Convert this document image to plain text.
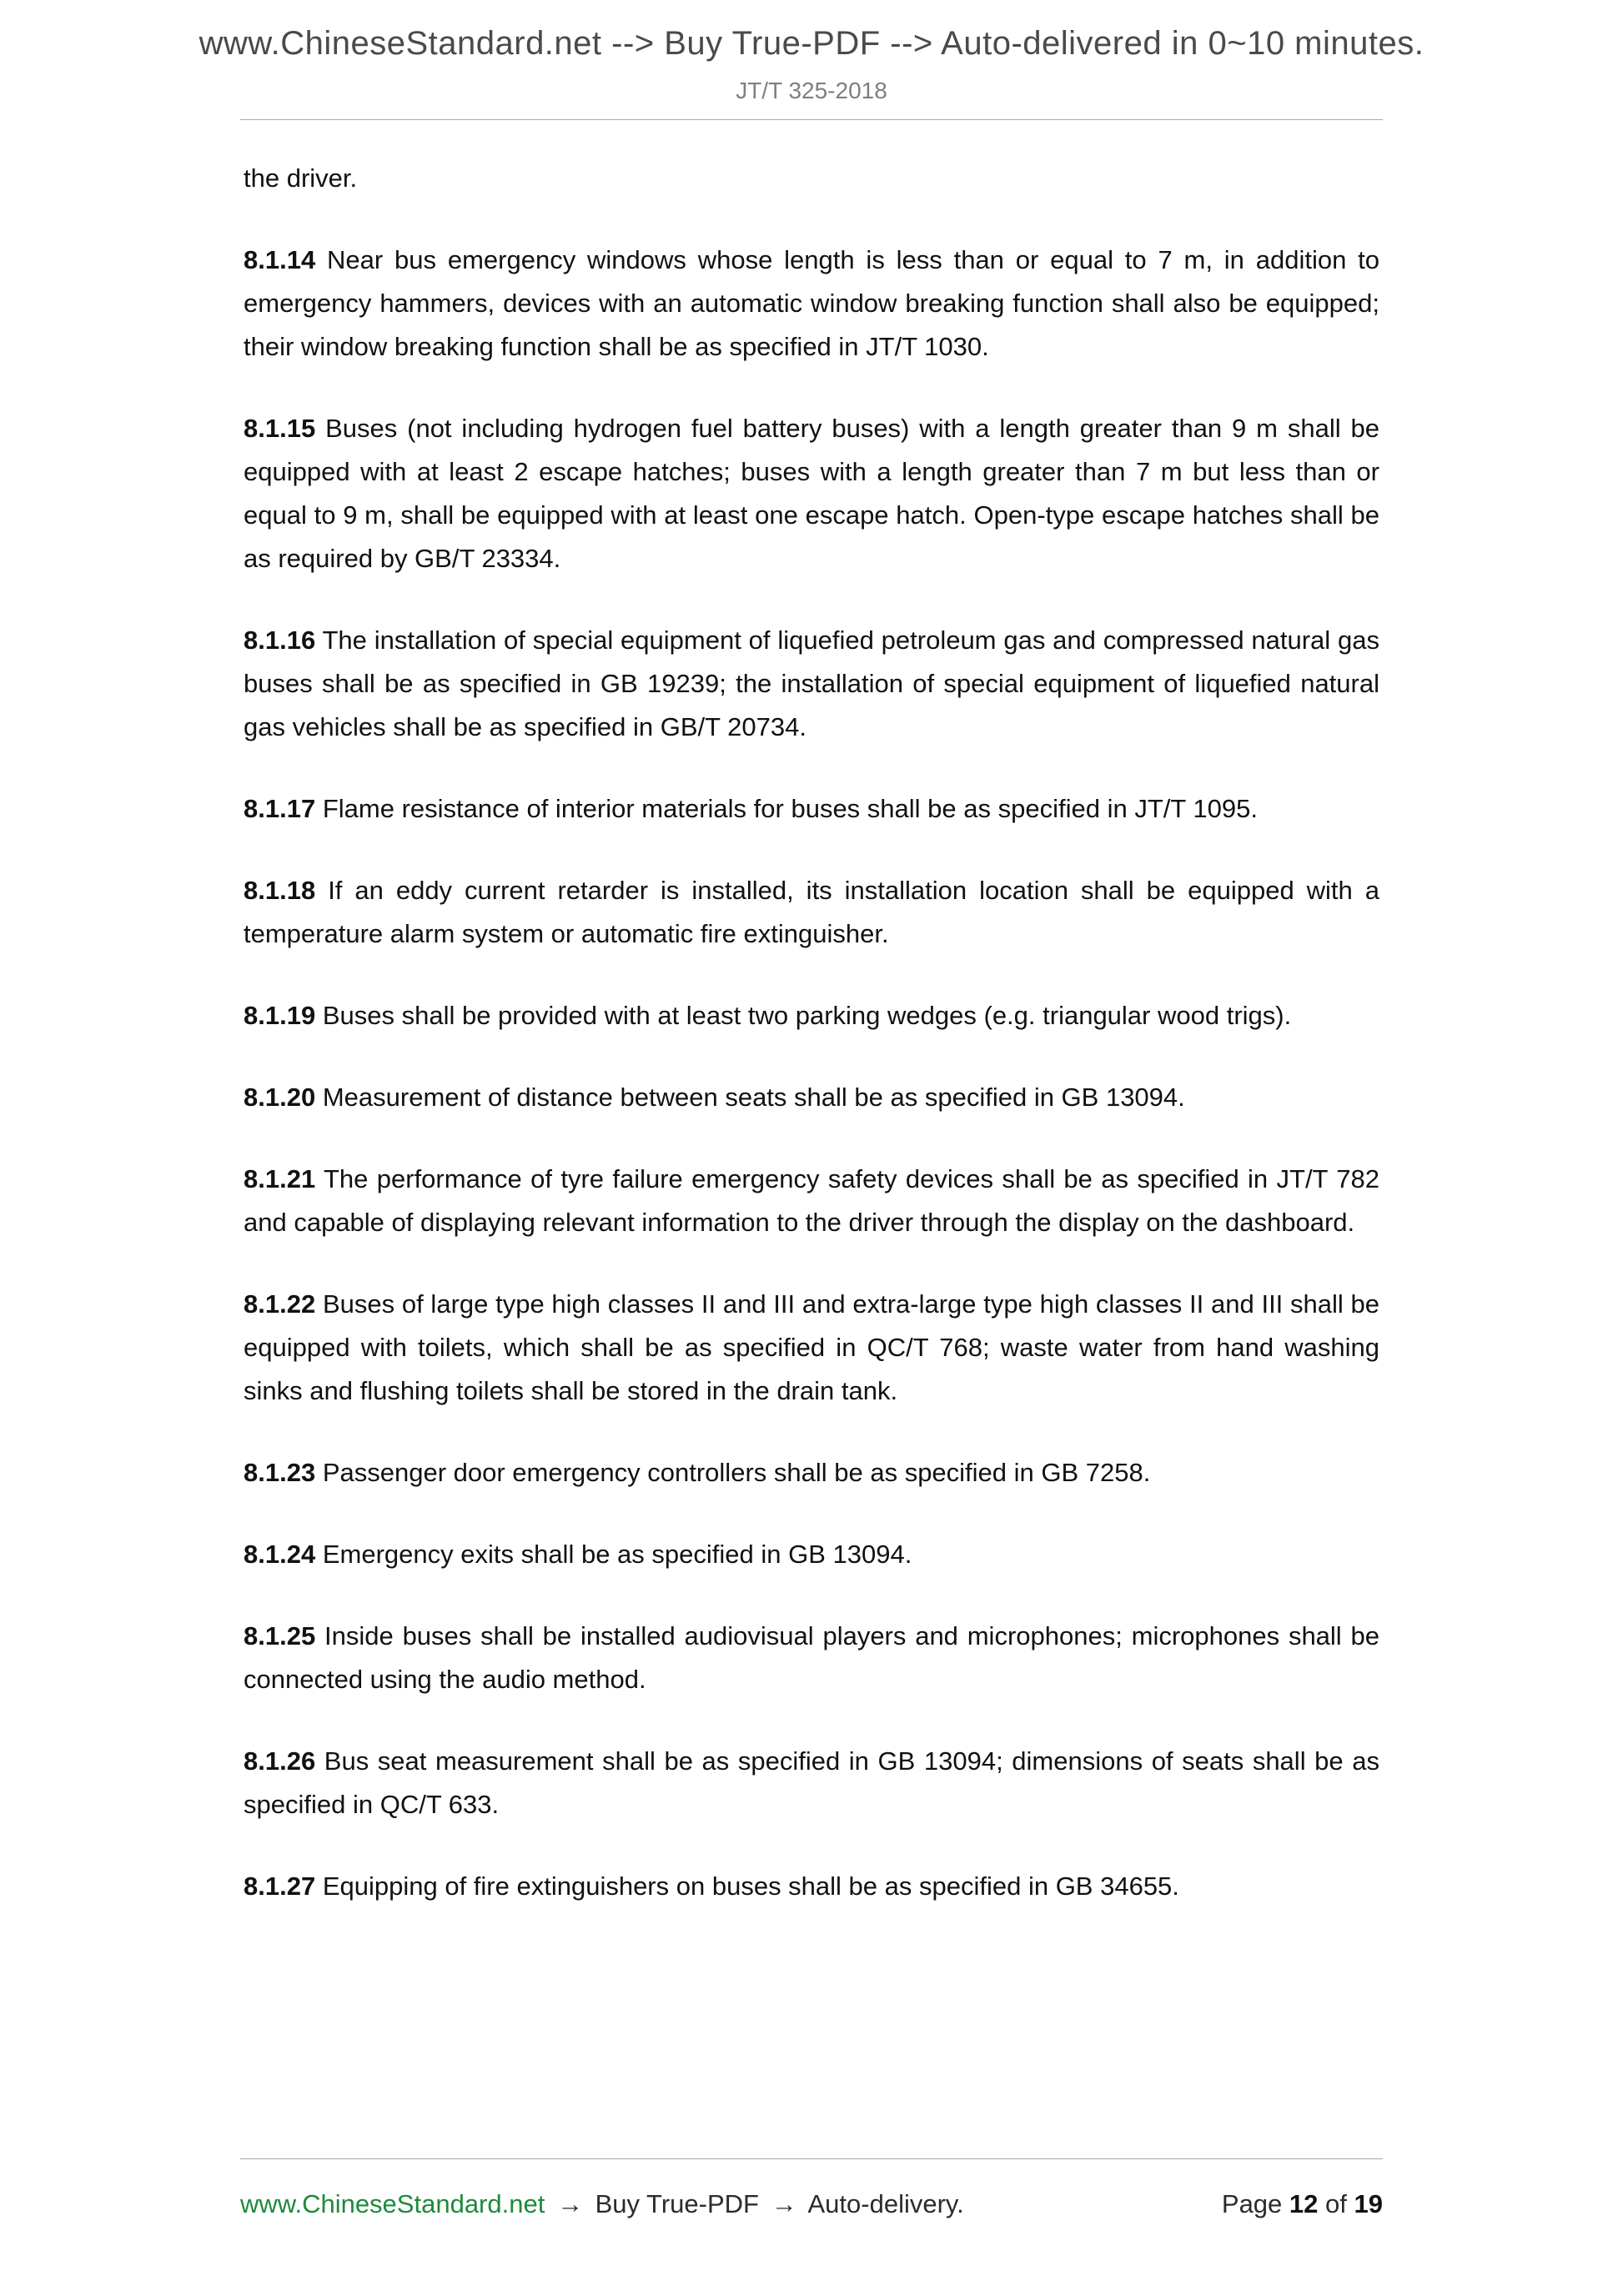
www.ChineseStandard.net --> Buy True-PDF --> Auto-delivered in 0~10 minutes.
JT/T 325-2018

the driver.

8.1.14 Near bus emergency windows whose length is less than or equal to 7 m, in addition to emergency hammers, devices with an automatic window breaking function shall also be equipped; their window breaking function shall be as specified in JT/T 1030.

8.1.15 Buses (not including hydrogen fuel battery buses) with a length greater than 9 m shall be equipped with at least 2 escape hatches; buses with a length greater than 7 m but less than or equal to 9 m, shall be equipped with at least one escape hatch. Open-type escape hatches shall be as required by GB/T 23334.

8.1.16 The installation of special equipment of liquefied petroleum gas and compressed natural gas buses shall be as specified in GB 19239; the installation of special equipment of liquefied natural gas vehicles shall be as specified in GB/T 20734.

8.1.17 Flame resistance of interior materials for buses shall be as specified in JT/T 1095.

8.1.18 If an eddy current retarder is installed, its installation location shall be equipped with a temperature alarm system or automatic fire extinguisher.

8.1.19 Buses shall be provided with at least two parking wedges (e.g. triangular wood trigs).

8.1.20 Measurement of distance between seats shall be as specified in GB 13094.

8.1.21 The performance of tyre failure emergency safety devices shall be as specified in JT/T 782 and capable of displaying relevant information to the driver through the display on the dashboard.

8.1.22 Buses of large type high classes II and III and extra-large type high classes II and III shall be equipped with toilets, which shall be as specified in QC/T 768; waste water from hand washing sinks and flushing toilets shall be stored in the drain tank.

8.1.23 Passenger door emergency controllers shall be as specified in GB 7258.

8.1.24 Emergency exits shall be as specified in GB 13094.

8.1.25 Inside buses shall be installed audiovisual players and microphones; microphones shall be connected using the audio method.

8.1.26 Bus seat measurement shall be as specified in GB 13094; dimensions of seats shall be as specified in QC/T 633.

8.1.27 Equipping of fire extinguishers on buses shall be as specified in GB 34655.

www.ChineseStandard.net → Buy True-PDF → Auto-delivery.	Page 12 of 19
